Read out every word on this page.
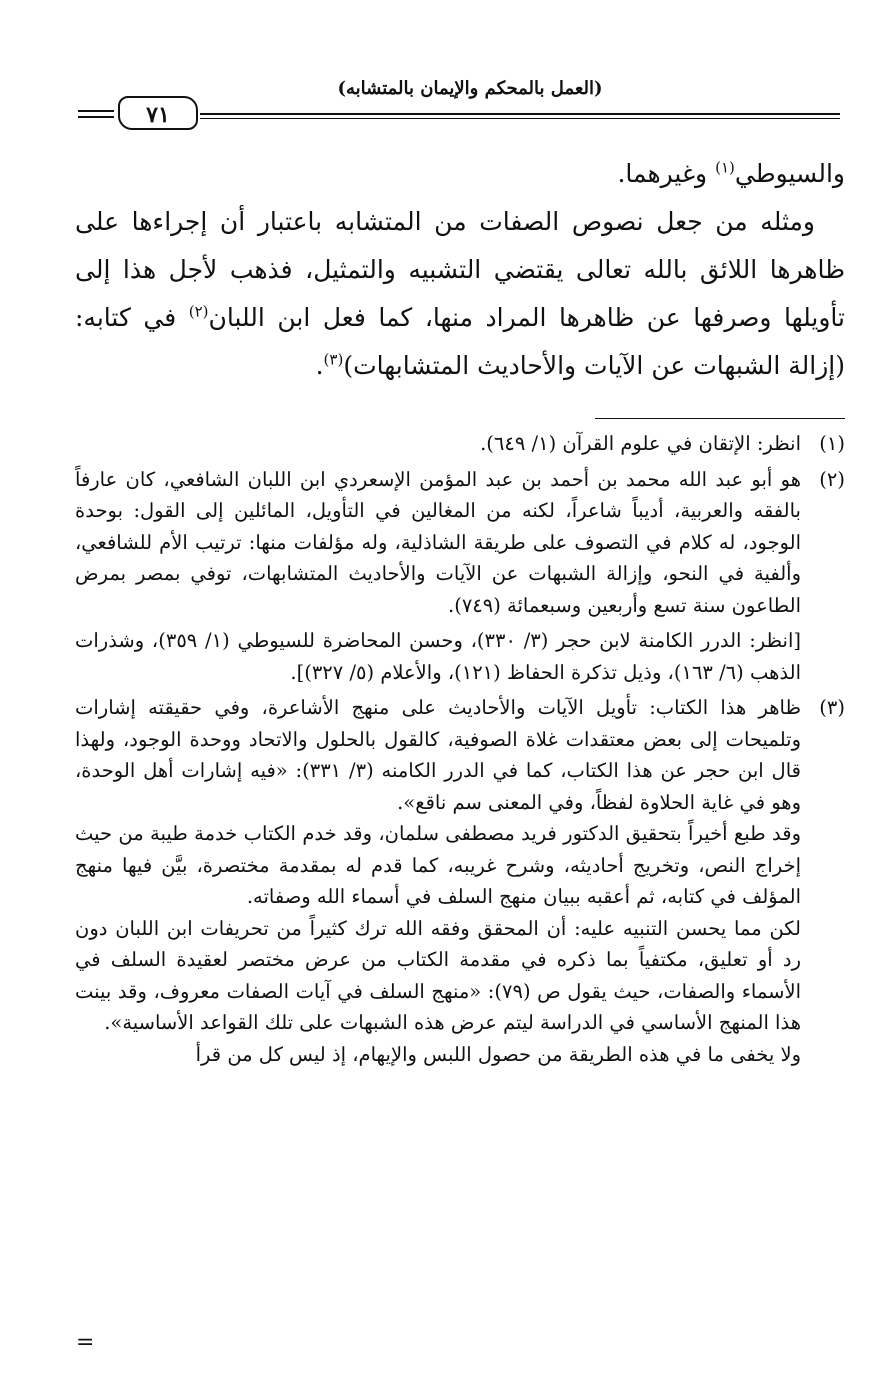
(العمل بالمحكم والإيمان بالمتشابه)
٧١

والسيوطي$^{(١)}$ وغيرهما.

ومثله من جعل نصوص الصفات من المتشابه باعتبار أن إجراءها على ظاهرها اللائق بالله تعالى يقتضي التشبيه والتمثيل، فذهب لأجل هذا إلى تأويلها وصرفها عن ظاهرها المراد منها، كما فعل ابن اللبان$^{(٢)}$ في كتابه: (إزالة الشبهات عن الآيات والأحاديث المتشابهات)$^{(٣)}$.

(١)

انظر: الإتقان في علوم القرآن (١/ ٦٤٩).

(٢)

هو أبو عبد الله محمد بن أحمد بن عبد المؤمن الإسعردي ابن اللبان الشافعي، كان عارفاً بالفقه والعربية، أديباً شاعراً، لكنه من المغالين في التأويل، المائلين إلى القول: بوحدة الوجود، له كلام في التصوف على طريقة الشاذلية، وله مؤلفات منها: ترتيب الأم للشافعي، وألفية في النحو، وإزالة الشبهات عن الآيات والأحاديث المتشابهات، توفي بمصر بمرض الطاعون سنة تسع وأربعين وسبعمائة (٧٤٩).

[انظر: الدرر الكامنة لابن حجر (٣/ ٣٣٠)، وحسن المحاضرة للسيوطي (١/ ٣٥٩)، وشذرات الذهب (٦/ ١٦٣)، وذيل تذكرة الحفاظ (١٢١)، والأعلام (٥/ ٣٢٧)].

(٣)

ظاهر هذا الكتاب: تأويل الآيات والأحاديث على منهج الأشاعرة، وفي حقيقته إشارات وتلميحات إلى بعض معتقدات غلاة الصوفية، كالقول بالحلول والاتحاد ووحدة الوجود، ولهذا قال ابن حجر عن هذا الكتاب، كما في الدرر الكامنه (٣/ ٣٣١): «فيه إشارات أهل الوحدة، وهو في غاية الحلاوة لفظاً، وفي المعنى سم ناقع».

وقد طبع أخيراً بتحقيق الدكتور فريد مصطفى سلمان، وقد خدم الكتاب خدمة طيبة من حيث إخراج النص، وتخريج أحاديثه، وشرح غريبه، كما قدم له بمقدمة مختصرة، بيَّن فيها منهج المؤلف في كتابه، ثم أعقبه ببيان منهج السلف في أسماء الله وصفاته.

لكن مما يحسن التنبيه عليه: أن المحقق وفقه الله ترك كثيراً من تحريفات ابن اللبان دون رد أو تعليق، مكتفياً بما ذكره في مقدمة الكتاب من عرض مختصر لعقيدة السلف في الأسماء والصفات، حيث يقول ص (٧٩): «منهج السلف في آيات الصفات معروف، وقد بينت هذا المنهج الأساسي في الدراسة ليتم عرض هذه الشبهات على تلك القواعد الأساسية».

ولا يخفى ما في هذه الطريقة من حصول اللبس والإيهام، إذ ليس كل من قرأ

=
